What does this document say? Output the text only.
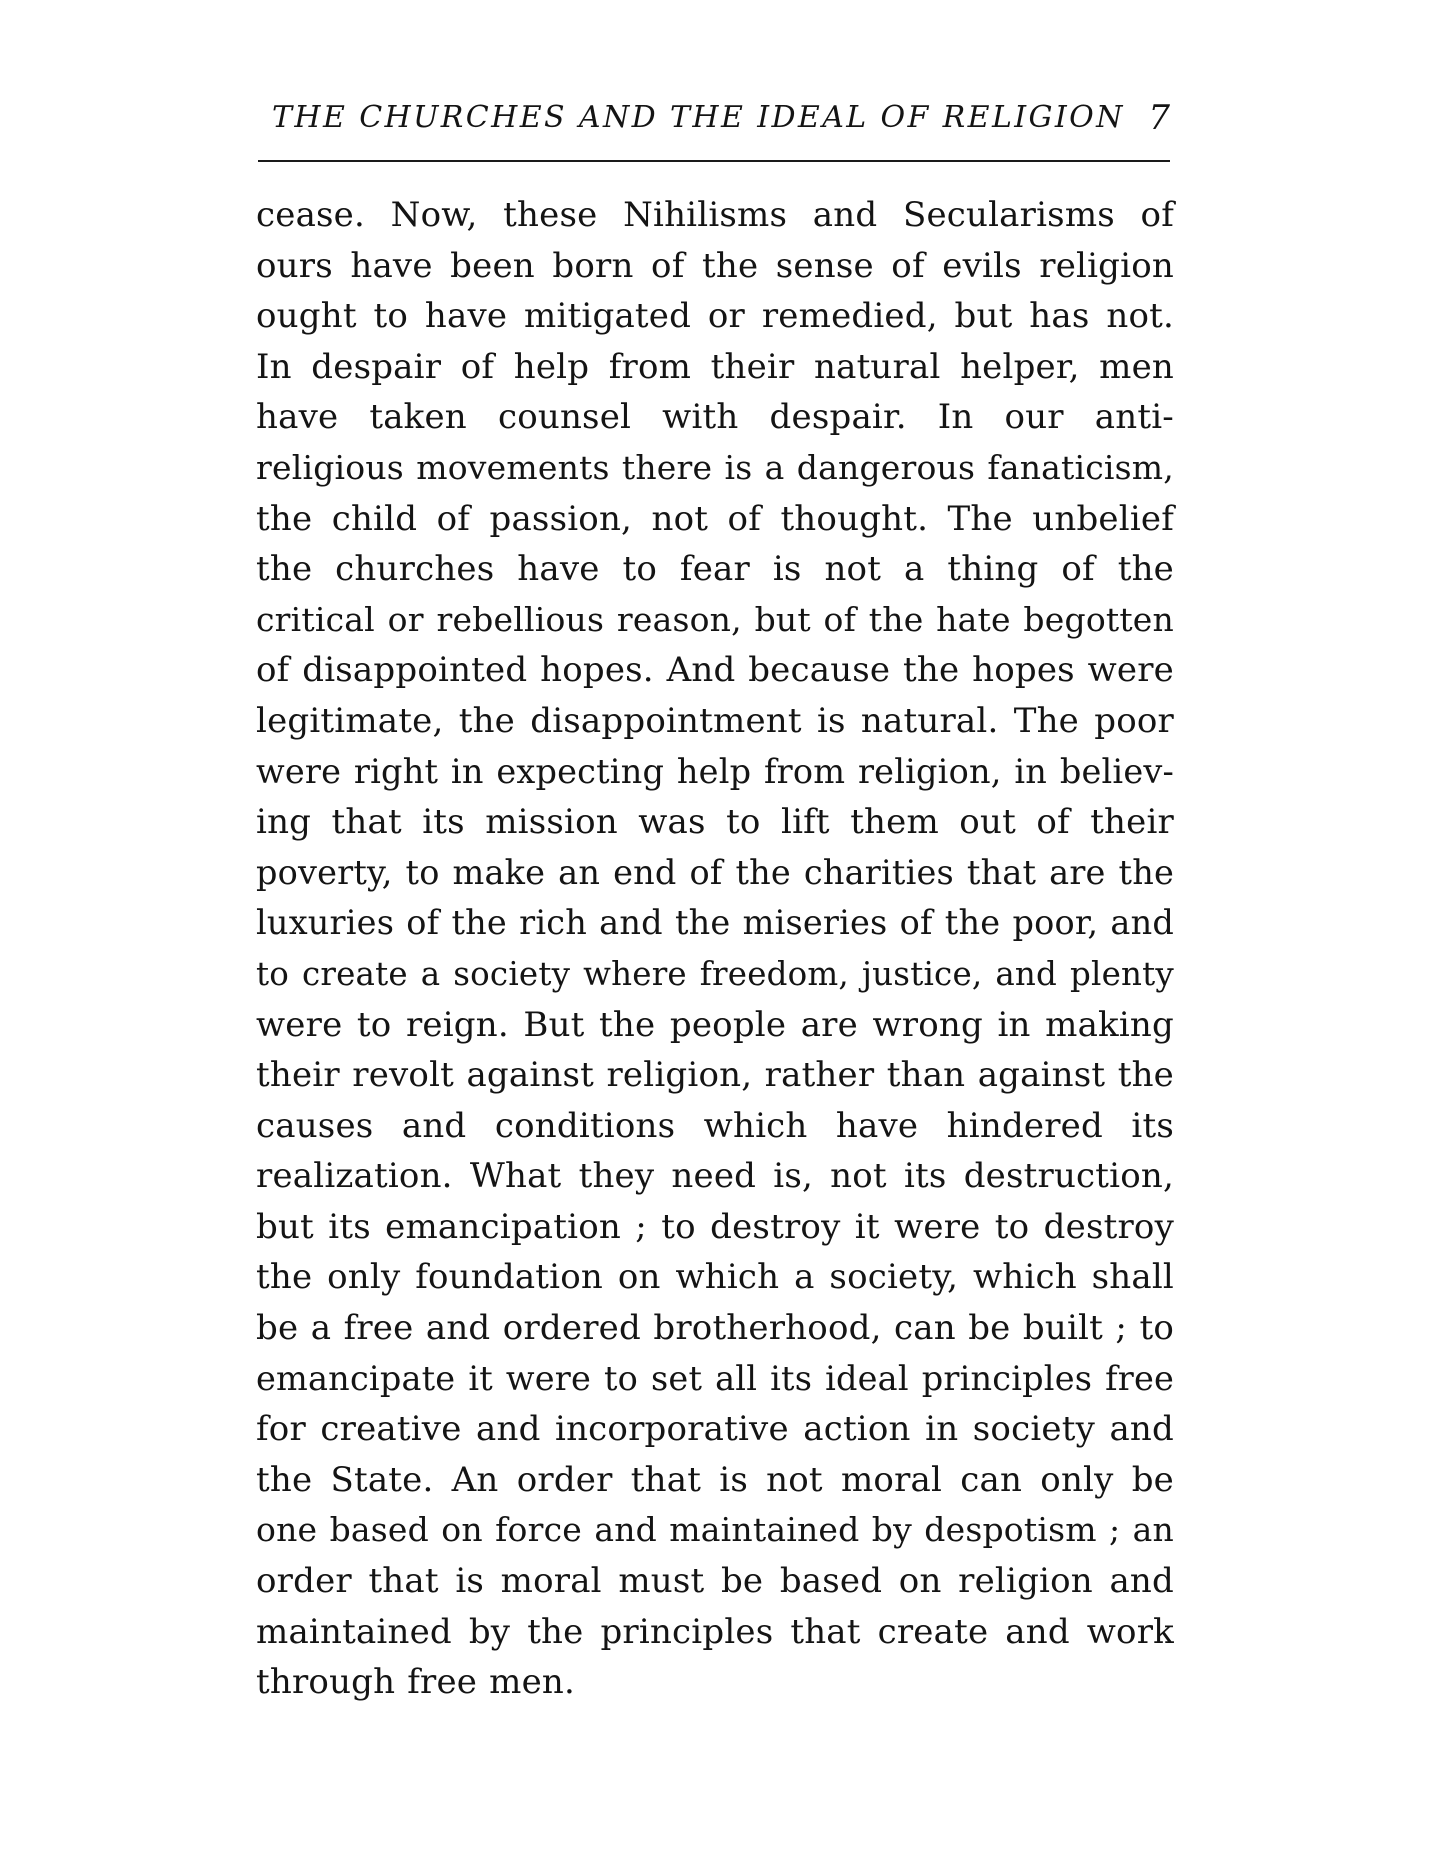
THE CHURCHES AND THE IDEAL OF RELIGION 7
cease. Now, these Nihilisms and Secularisms of
ours have been born of the sense of evils religion
ought to have mitigated or remedied, but has not.
In despair of help from their natural helper, men
have taken counsel with despair. In our anti-
religious movements there is a dangerous fanaticism,
the child of passion, not of thought. The unbelief
the churches have to fear is not a thing of the
critical or rebellious reason, but of the hate begotten
of disappointed hopes. And because the hopes were
legitimate, the disappointment is natural. The poor
were right in expecting help from religion, in believ-
ing that its mission was to lift them out of their
poverty, to make an end of the charities that are the
luxuries of the rich and the miseries of the poor, and
to create a society where freedom, justice, and plenty
were to reign. But the people are wrong in making
their revolt against religion, rather than against the
causes and conditions which have hindered its
realization. What they need is, not its destruction,
but its emancipation ; to destroy it were to destroy
the only foundation on which a society, which shall
be a free and ordered brotherhood, can be built ; to
emancipate it were to set all its ideal principles free
for creative and incorporative action in society and
the State. An order that is not moral can only be
one based on force and maintained by despotism ; an
order that is moral must be based on religion and
maintained by the principles that create and work
through free men.
